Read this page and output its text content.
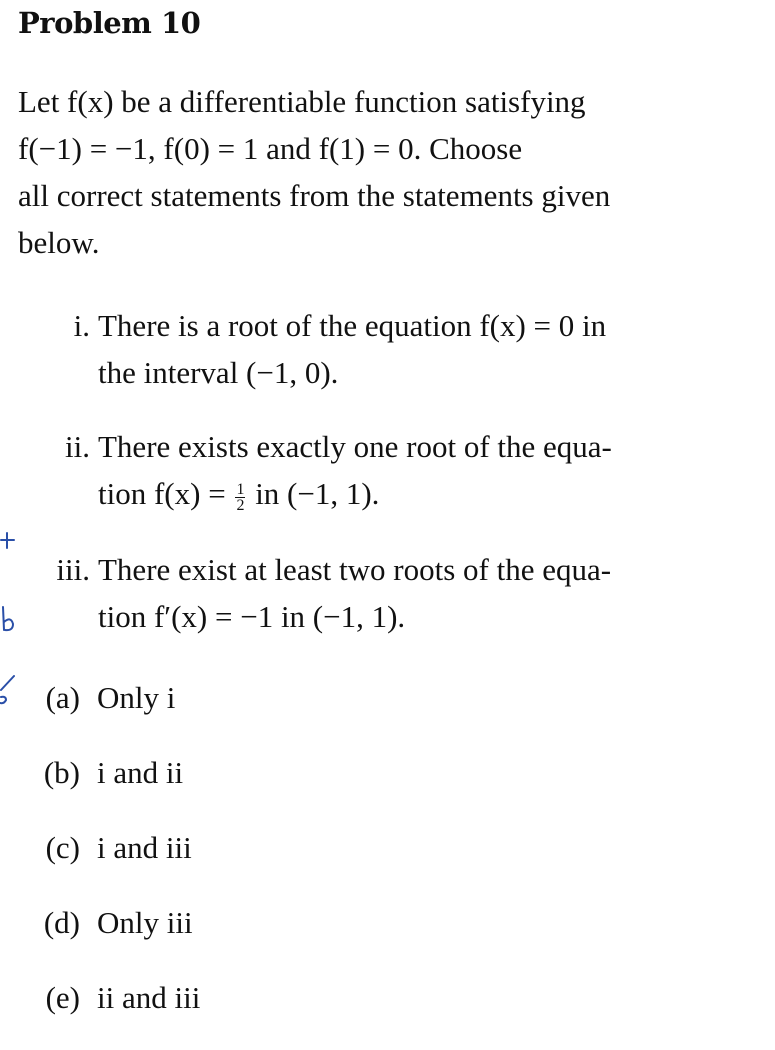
Problem 10
Let f(x) be a differentiable function satisfying
f(−1) = −1, f(0) = 1 and f(1) = 0. Choose
all correct statements from the statements given
below.
i. There is a root of the equation f(x) = 0 in
the interval (−1, 0).
ii. There exists exactly one root of the equa-
tion $f(x) = \frac{1}{2}$ in (−1, 1).
iii. There exist at least two roots of the equa-
tion f′(x) = −1 in (−1, 1).
(a) Only i
(b) i and ii
(c) i and iii
(d) Only iii
(e) ii and iii
